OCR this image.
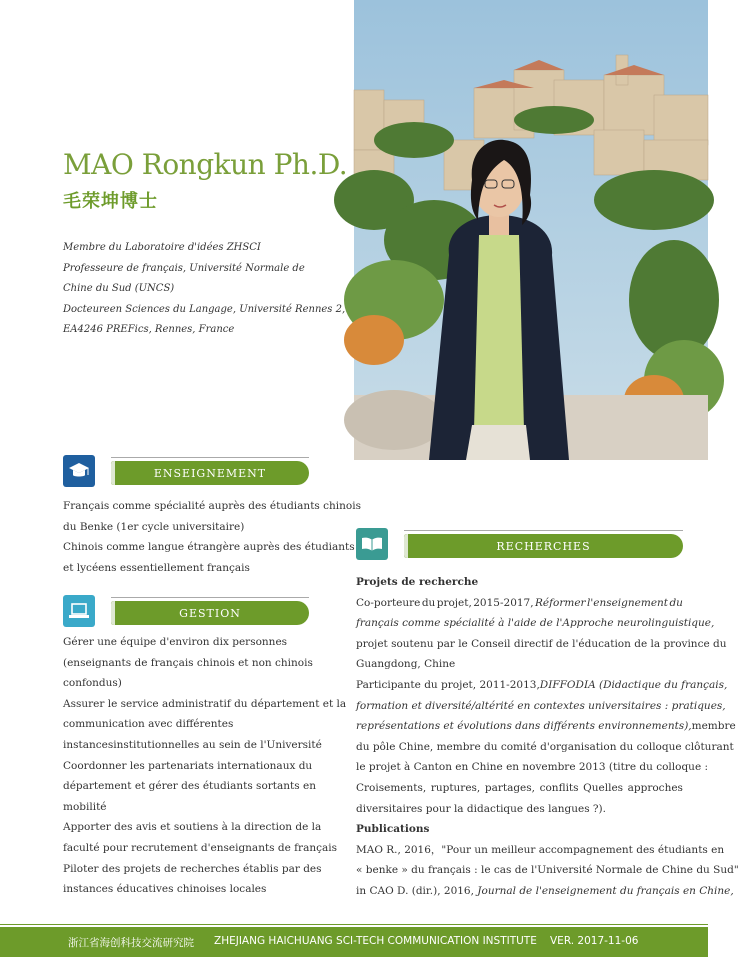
MAO Rongkun Ph.D.
毛荣坤博士
Membre du Laboratoire d'idées ZHSCI
Professeure de français, Université Normale de
Chine du Sud (UNCS)
Docteureen Sciences du Langage, Université Rennes 2,
EA4246 PREFics, Rennes, France
ENSEIGNEMENT
Français comme spécialité auprès des étudiants chinois
du Benke (1er cycle universitaire)
Chinois comme langue étrangère auprès des étudiants
et lycéens essentiellement français
GESTION
Gérer une équipe d'environ dix personnes
(enseignants de français chinois et non chinois
confondus)
Assurer le service administratif du département et la
communication avec différentes
instancesinstitutionnelles au sein de l'Université
Coordonner les partenariats internationaux du
département et gérer des étudiants sortants en
mobilité
Apporter des avis et soutiens à la direction de la
faculté pour recrutement d'enseignants de français
Piloter des projets de recherches établis par des
instances éducatives chinoises locales
RECHERCHES
Projets de recherche
Co-porteure du projet, 2015-2017, Réformer l'enseignement du
français comme spécialité à l'aide de l'Approche neurolinguistique,
projet soutenu par le Conseil directif de l'éducation de la province du
Guangdong, Chine
Participante du projet, 2011-2013, DIFFODIA (Didactique du français,
formation et diversité/altérité en contextes universitaires : pratiques,
représentations et évolutions dans différents environnements), membre
du pôle Chine, membre du comité d'organisation du colloque clôturant
le projet à Canton en Chine en novembre 2013 (titre du colloque :
Croisements, ruptures, partages, conflits Quelles approches
diversitaires pour la didactique des langues ?).
Publications
MAO R., 2016，"Pour un meilleur accompagnement des étudiants en
« benke » du français : le cas de l'Université Normale de Chine du Sud"
in CAO D. (dir.), 2016,
Journal de l'enseignement du français en Chine,
浙江省海创科技交流研究院 ZHEJIANG HAICHUANG SCI-TECH COMMUNICATION INSTITUTE VER. 2017-11-06
